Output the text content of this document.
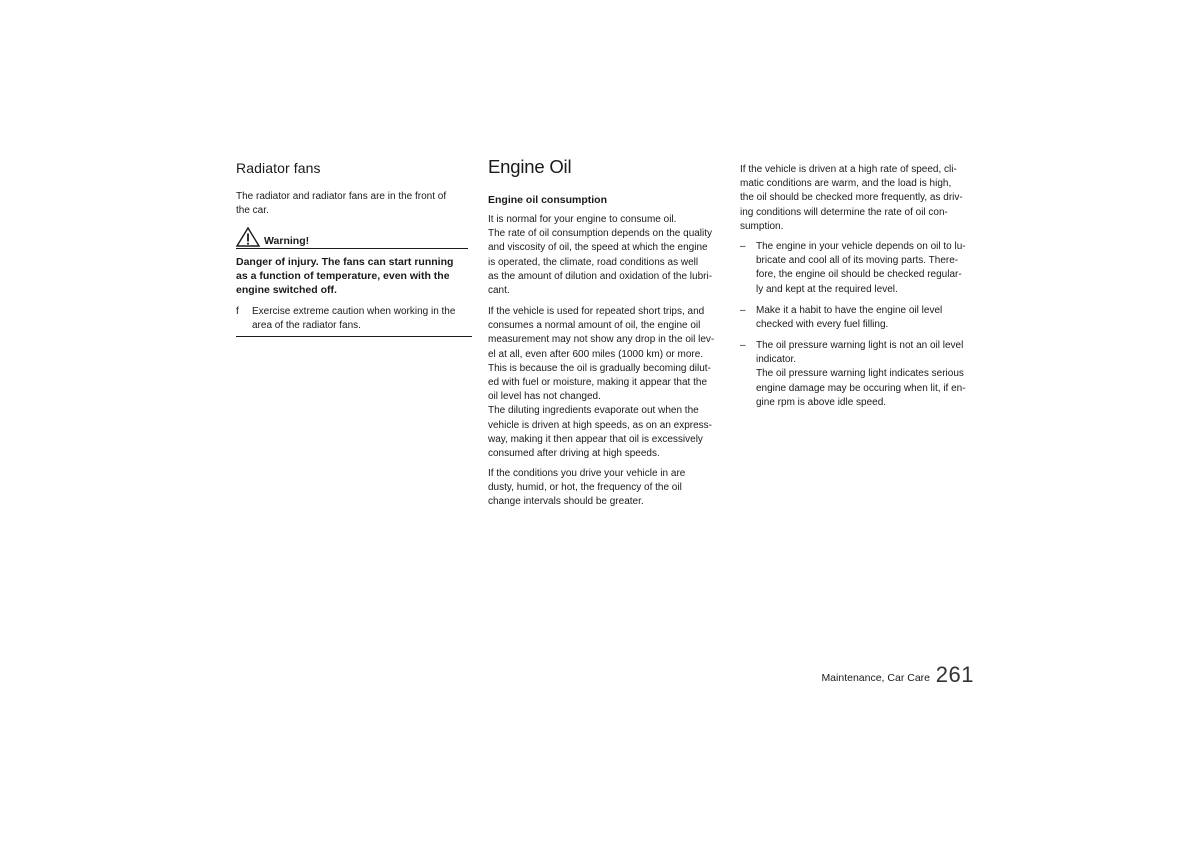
Radiator fans
The radiator and radiator fans are in the front of
the car.
Warning!
Danger of injury. The fans can start running
as a function of temperature, even with the
engine switched off.
f Exercise extreme caution when working in the
area of the radiator fans.
Engine Oil
Engine oil consumption
It is normal for your engine to consume oil.
The rate of oil consumption depends on the quality
and viscosity of oil, the speed at which the engine
is operated, the climate, road conditions as well
as the amount of dilution and oxidation of the lubri-
cant.
If the vehicle is used for repeated short trips, and
consumes a normal amount of oil, the engine oil
measurement may not show any drop in the oil lev-
el at all, even after 600 miles (1000 km) or more.
This is because the oil is gradually becoming dilut-
ed with fuel or moisture, making it appear that the
oil level has not changed.
The diluting ingredients evaporate out when the
vehicle is driven at high speeds, as on an express-
way, making it then appear that oil is excessively
consumed after driving at high speeds.
If the conditions you drive your vehicle in are
dusty, humid, or hot, the frequency of the oil
change intervals should be greater.
If the vehicle is driven at a high rate of speed, cli-
matic conditions are warm, and the load is high,
the oil should be checked more frequently, as driv-
ing conditions will determine the rate of oil con-
sumption.
– The engine in your vehicle depends on oil to lu-
bricate and cool all of its moving parts. There-
fore, the engine oil should be checked regular-
ly and kept at the required level.
– Make it a habit to have the engine oil level
checked with every fuel filling.
– The oil pressure warning light is not an oil level
indicator.
The oil pressure warning light indicates serious
engine damage may be occuring when lit, if en-
gine rpm is above idle speed.
Maintenance, Car Care 261
